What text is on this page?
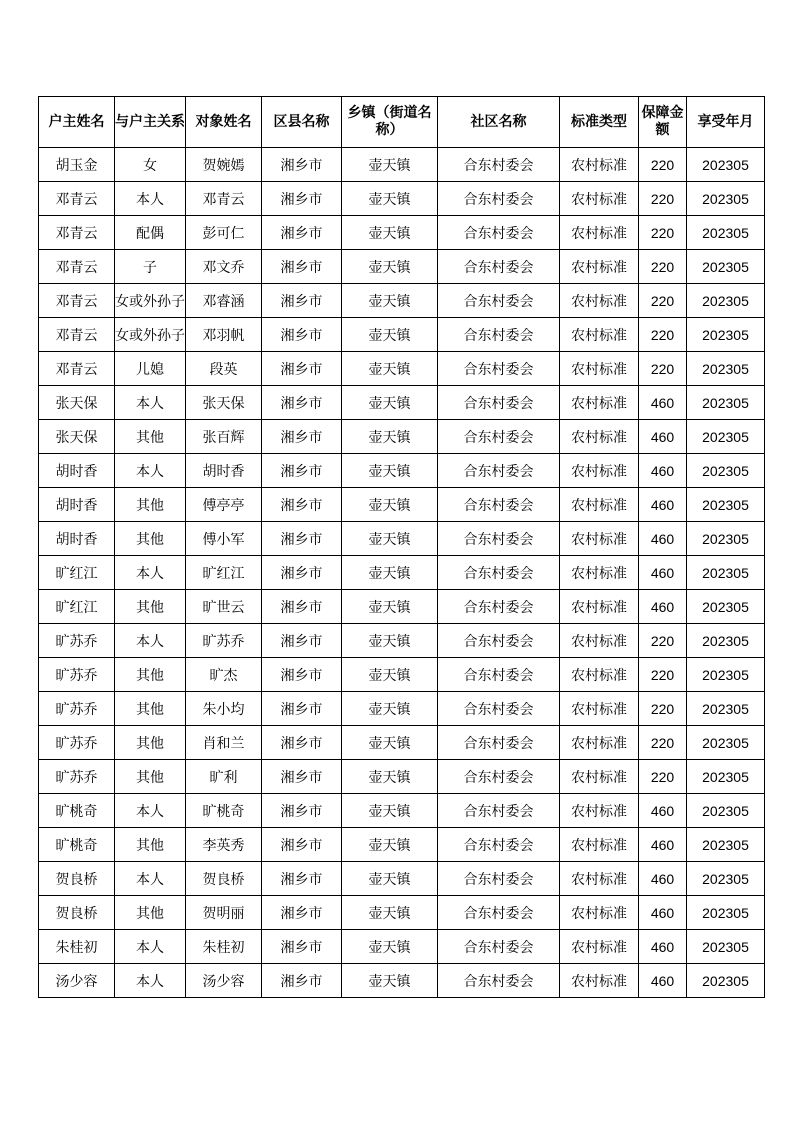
户主姓名	与户主关系	对象姓名	区县名称	乡镇（街道名称）	社区名称	标准类型	保障金额	享受年月
胡玉金	女	贺婉嫣	湘乡市	壶天镇	合东村委会	农村标准	220	202305
邓青云	本人	邓青云	湘乡市	壶天镇	合东村委会	农村标准	220	202305
邓青云	配偶	彭可仁	湘乡市	壶天镇	合东村委会	农村标准	220	202305
邓青云	子	邓文乔	湘乡市	壶天镇	合东村委会	农村标准	220	202305
邓青云	女或外孙子	邓睿涵	湘乡市	壶天镇	合东村委会	农村标准	220	202305
邓青云	女或外孙子	邓羽帆	湘乡市	壶天镇	合东村委会	农村标准	220	202305
邓青云	儿媳	段英	湘乡市	壶天镇	合东村委会	农村标准	220	202305
张天保	本人	张天保	湘乡市	壶天镇	合东村委会	农村标准	460	202305
张天保	其他	张百辉	湘乡市	壶天镇	合东村委会	农村标准	460	202305
胡时香	本人	胡时香	湘乡市	壶天镇	合东村委会	农村标准	460	202305
胡时香	其他	傅亭亭	湘乡市	壶天镇	合东村委会	农村标准	460	202305
胡时香	其他	傅小军	湘乡市	壶天镇	合东村委会	农村标准	460	202305
旷红江	本人	旷红江	湘乡市	壶天镇	合东村委会	农村标准	460	202305
旷红江	其他	旷世云	湘乡市	壶天镇	合东村委会	农村标准	460	202305
旷苏乔	本人	旷苏乔	湘乡市	壶天镇	合东村委会	农村标准	220	202305
旷苏乔	其他	旷杰	湘乡市	壶天镇	合东村委会	农村标准	220	202305
旷苏乔	其他	朱小均	湘乡市	壶天镇	合东村委会	农村标准	220	202305
旷苏乔	其他	肖和兰	湘乡市	壶天镇	合东村委会	农村标准	220	202305
旷苏乔	其他	旷利	湘乡市	壶天镇	合东村委会	农村标准	220	202305
旷桃奇	本人	旷桃奇	湘乡市	壶天镇	合东村委会	农村标准	460	202305
旷桃奇	其他	李英秀	湘乡市	壶天镇	合东村委会	农村标准	460	202305
贺良桥	本人	贺良桥	湘乡市	壶天镇	合东村委会	农村标准	460	202305
贺良桥	其他	贺明丽	湘乡市	壶天镇	合东村委会	农村标准	460	202305
朱桂初	本人	朱桂初	湘乡市	壶天镇	合东村委会	农村标准	460	202305
汤少容	本人	汤少容	湘乡市	壶天镇	合东村委会	农村标准	460	202305
